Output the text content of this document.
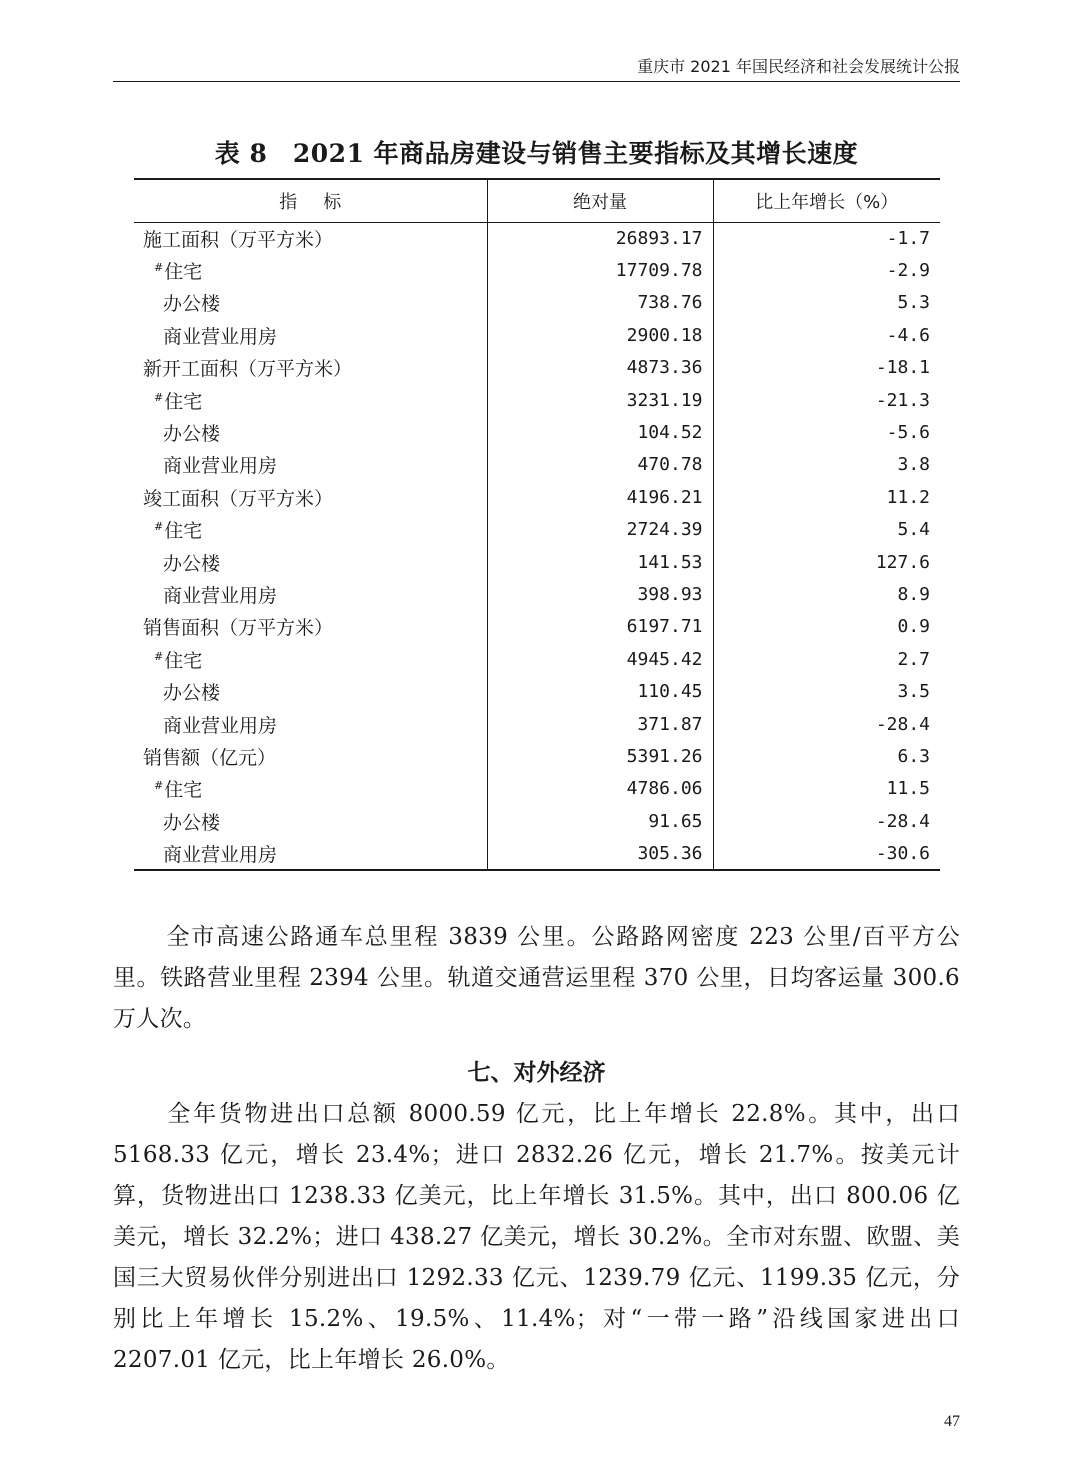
重庆市 2021 年国民经济和社会发展统计公报
表 8　2021 年商品房建设与销售主要指标及其增长速度
指标	绝对量	比上年增长（%）
施工面积（万平方米）	26893.17	-1.7
#住宅	17709.78	-2.9
办公楼	738.76	5.3
商业营业用房	2900.18	-4.6
新开工面积（万平方米）	4873.36	-18.1
#住宅	3231.19	-21.3
办公楼	104.52	-5.6
商业营业用房	470.78	3.8
竣工面积（万平方米）	4196.21	11.2
#住宅	2724.39	5.4
办公楼	141.53	127.6
商业营业用房	398.93	8.9
销售面积（万平方米）	6197.71	0.9
#住宅	4945.42	2.7
办公楼	110.45	3.5
商业营业用房	371.87	-28.4
销售额（亿元）	5391.26	6.3
#住宅	4786.06	11.5
办公楼	91.65	-28.4
商业营业用房	305.36	-30.6
全市高速公路通车总里程 3839 公里。公路路网密度 223 公里/百平方公里。铁路营业里程 2394 公里。轨道交通营运里程 370 公里，日均客运量 300.6 万人次。
七、对外经济
全年货物进出口总额 8000.59 亿元，比上年增长 22.8%。其中，出口 5168.33 亿元，增长 23.4%；进口 2832.26 亿元，增长 21.7%。按美元计算，货物进出口 1238.33 亿美元，比上年增长 31.5%。其中，出口 800.06 亿美元，增长 32.2%；进口 438.27 亿美元，增长 30.2%。全市对东盟、欧盟、美国三大贸易伙伴分别进出口 1292.33 亿元、1239.79 亿元、1199.35 亿元，分别比上年增长 15.2%、19.5%、11.4%；对“一带一路”沿线国家进出口 2207.01 亿元，比上年增长 26.0%。
47
